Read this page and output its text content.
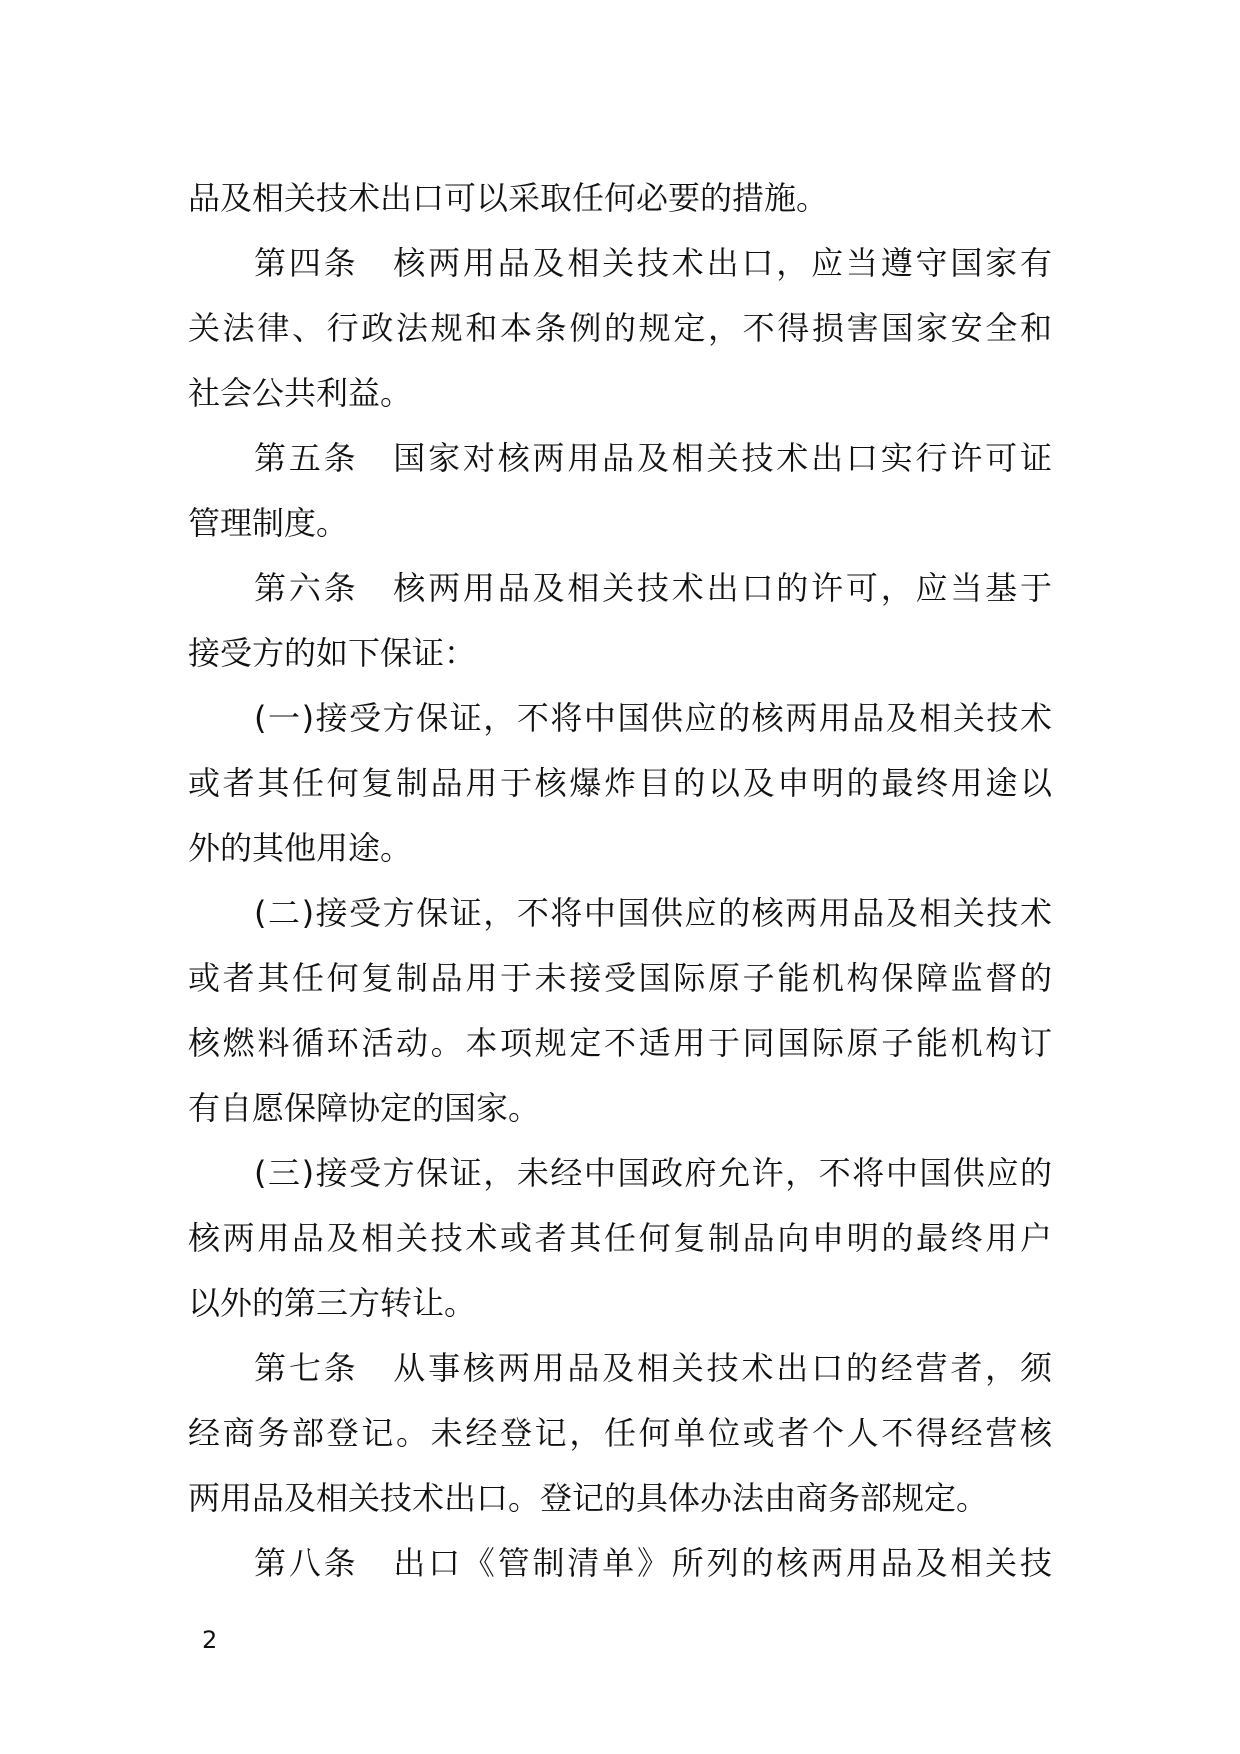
品及相关技术出口可以采取任何必要的措施。
第四条　核两用品及相关技术出口，应当遵守国家有
关法律、行政法规和本条例的规定，不得损害国家安全和
社会公共利益。
第五条　国家对核两用品及相关技术出口实行许可证
管理制度。
第六条　核两用品及相关技术出口的许可，应当基于
接受方的如下保证：
(一)接受方保证，不将中国供应的核两用品及相关技术
或者其任何复制品用于核爆炸目的以及申明的最终用途以
外的其他用途。
(二)接受方保证，不将中国供应的核两用品及相关技术
或者其任何复制品用于未接受国际原子能机构保障监督的
核燃料循环活动。本项规定不适用于同国际原子能机构订
有自愿保障协定的国家。
(三)接受方保证，未经中国政府允许，不将中国供应的
核两用品及相关技术或者其任何复制品向申明的最终用户
以外的第三方转让。
第七条　从事核两用品及相关技术出口的经营者，须
经商务部登记。未经登记，任何单位或者个人不得经营核
两用品及相关技术出口。登记的具体办法由商务部规定。
第八条　出口《管制清单》所列的核两用品及相关技
2
